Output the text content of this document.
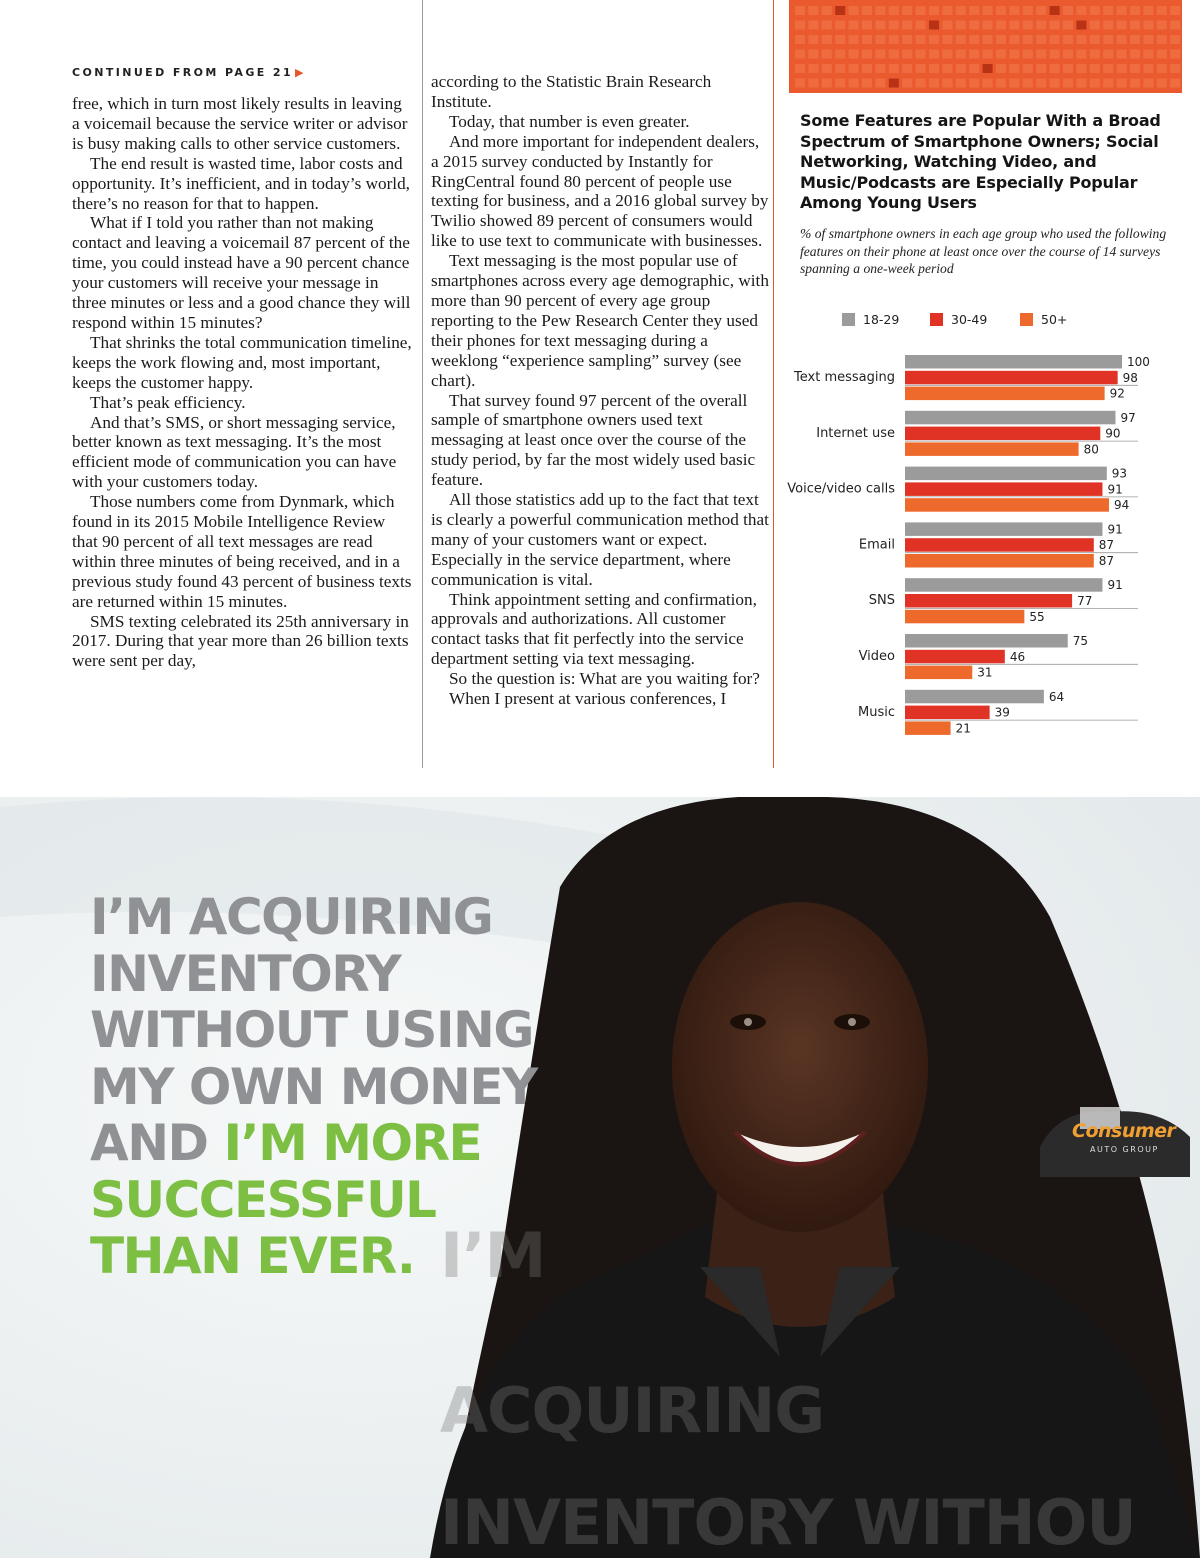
CONTINUED FROM PAGE 21 ▶

free, which in turn most likely results in leaving a voicemail because the service writer or advisor is busy making calls to other service customers.

The end result is wasted time, labor costs and opportunity. It’s inefficient, and in today’s world, there’s no reason for that to happen.

What if I told you rather than not making contact and leaving a voicemail 87 percent of the time, you could instead have a 90 percent chance your customers will receive your message in three minutes or less and a good chance they will respond within 15 minutes?

That shrinks the total communication timeline, keeps the work flowing and, most important, keeps the customer happy.

That’s peak efficiency.

And that’s SMS, or short messaging service, better known as text messaging. It’s the most efficient mode of communication you can have with your customers today.

Those numbers come from Dynmark, which found in its 2015 Mobile Intelligence Review that 90 percent of all text messages are read within three minutes of being received, and in a previous study found 43 percent of business texts are returned within 15 minutes.

SMS texting celebrated its 25th anniversary in 2017. During that year more than 26 billion texts were sent per day,

according to the Statistic Brain Research Institute.

Today, that number is even greater.

And more important for independent dealers, a 2015 survey conducted by Instantly for RingCentral found 80 percent of people use texting for business, and a 2016 global survey by Twilio showed 89 percent of consumers would like to use text to communicate with businesses.

Text messaging is the most popular use of smartphones across every age demographic, with more than 90 percent of every age group reporting to the Pew Research Center they used their phones for text messaging during a weeklong “experience sampling” survey (see chart).

That survey found 97 percent of the overall sample of smartphone owners used text messaging at least once over the course of the study period, by far the most widely used basic feature.

All those statistics add up to the fact that text is clearly a powerful communication method that many of your customers want or expect. Especially in the service department, where communication is vital.

Think appointment setting and confirmation, approvals and authorizations. All customer contact tasks that fit perfectly into the service department setting via text messaging.

So the question is: What are you waiting for?

When I present at various conferences, I

Some Features are Popular With a Broad Spectrum of Smartphone Owners; Social Networking, Watching Video, and Music/Podcasts are Especially Popular Among Young Users
% of smartphone owners in each age group who used the following features on their phone at least once over the course of 14 surveys spanning a one-week period
18-29	30-49	50+
Text messaging
100
98
92
Internet use
97
90
80
Voice/video calls
93
91
94
Email
91
87
87
SNS
91
77
55
Video
75
46
31
Music
64
39
21
I’M ACQUIRING INVENTORY WITHOUT USING MY OWN MONEY AND I’M MORE SUCCESSFUL THAN EVER. I’M
ACQUIRING
INVENTORY WITHOU
Consumer
AUTO GROUP
